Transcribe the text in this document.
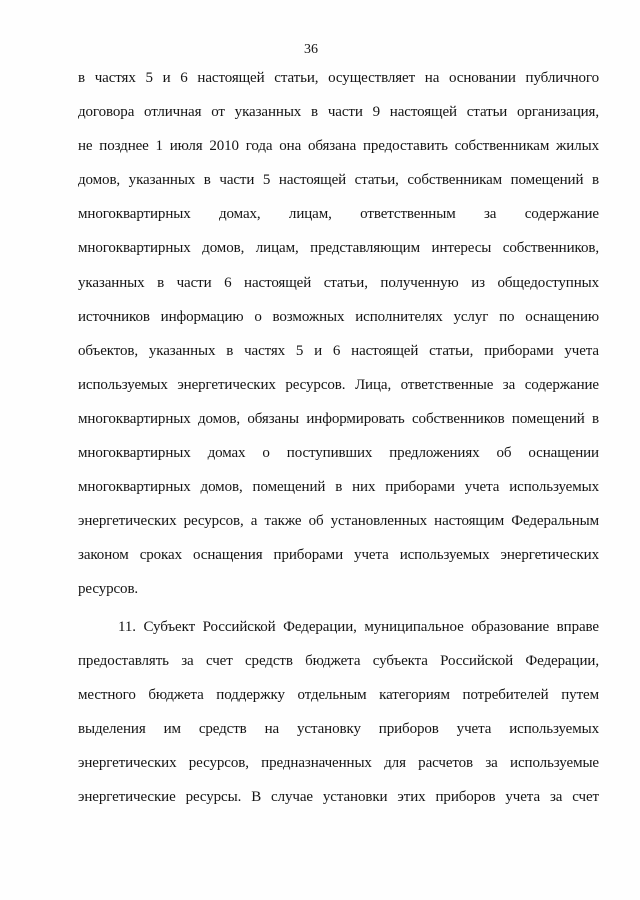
36
в частях 5 и 6 настоящей статьи, осуществляет на основании публичного
договора отличная от указанных в части 9 настоящей статьи организация,
не позднее 1 июля 2010 года она обязана предоставить собственникам жилых
домов, указанных в части 5 настоящей статьи, собственникам помещений в
многоквартирных домах, лицам, ответственным за содержание
многоквартирных домов, лицам, представляющим интересы собственников,
указанных в части 6 настоящей статьи, полученную из общедоступных
источников информацию о возможных исполнителях услуг по оснащению
объектов, указанных в частях 5 и 6 настоящей статьи, приборами учета
используемых энергетических ресурсов. Лица, ответственные за содержание
многоквартирных домов, обязаны информировать собственников помещений в
многоквартирных домах о поступивших предложениях об оснащении
многоквартирных домов, помещений в них приборами учета используемых
энергетических ресурсов, а также об установленных настоящим Федеральным
законом сроках оснащения приборами учета используемых энергетических
ресурсов.
11. Субъект Российской Федерации, муниципальное образование вправе
предоставлять за счет средств бюджета субъекта Российской Федерации,
местного бюджета поддержку отдельным категориям потребителей путем
выделения им средств на установку приборов учета используемых
энергетических ресурсов, предназначенных для расчетов за используемые
энергетические ресурсы. В случае установки этих приборов учета за счет
